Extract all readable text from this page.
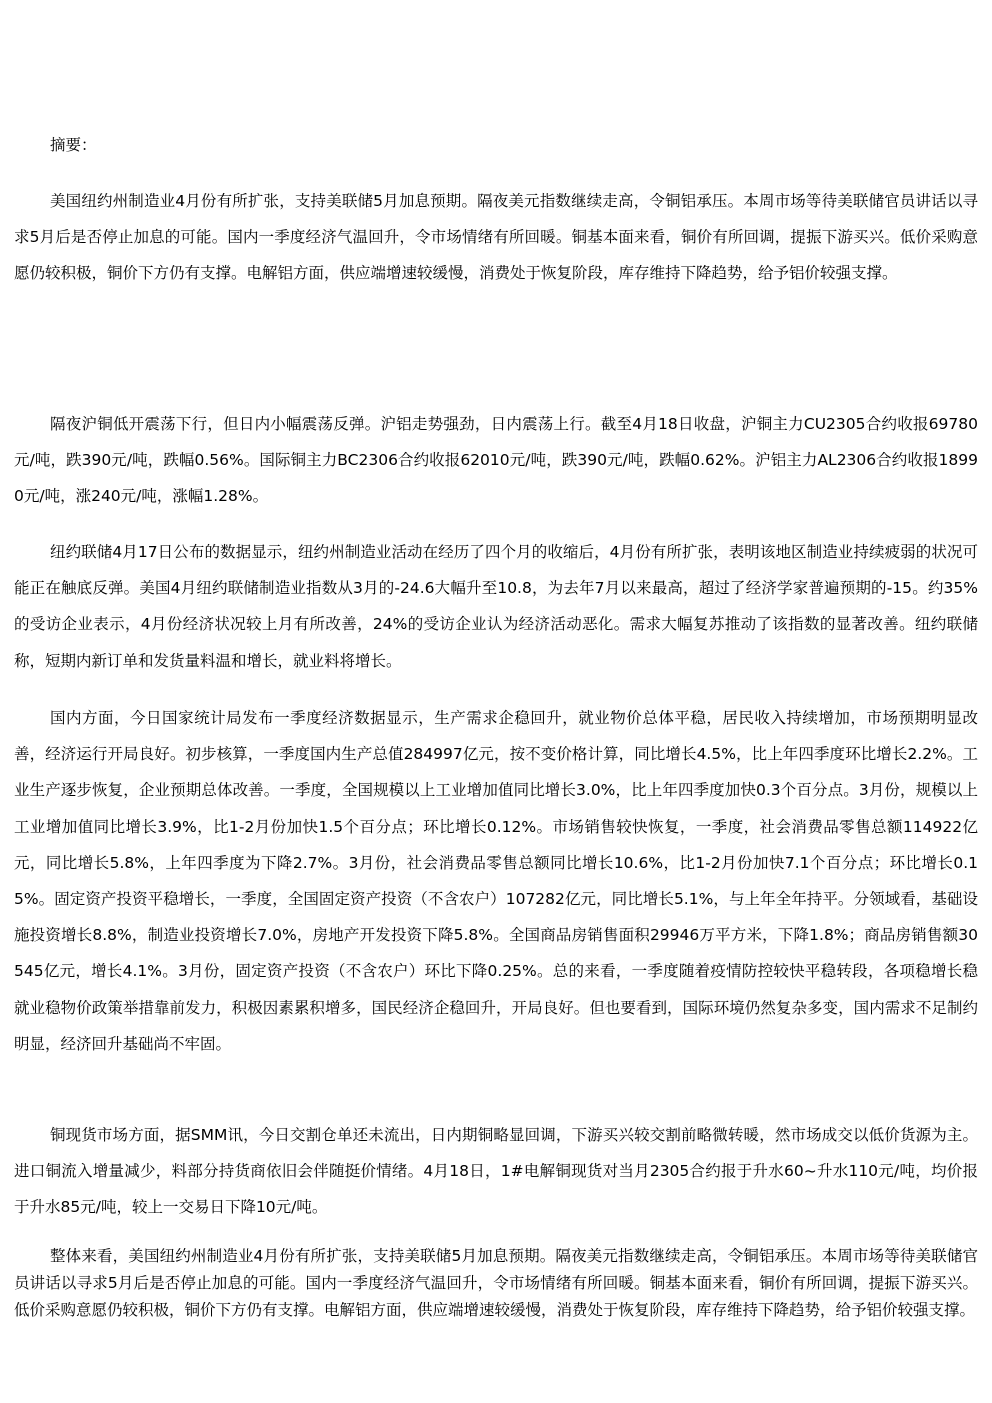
摘要：

美国纽约州制造业4月份有所扩张，支持美联储5月加息预期。隔夜美元指数继续走高，令铜铝承压。本周市场等待美联储官员讲话以寻求5月后是否停止加息的可能。国内一季度经济气温回升，令市场情绪有所回暖。铜基本面来看，铜价有所回调，提振下游买兴。低价采购意愿仍较积极，铜价下方仍有支撑。电解铝方面，供应端增速较缓慢，消费处于恢复阶段，库存维持下降趋势，给予铝价较强支撑。

隔夜沪铜低开震荡下行，但日内小幅震荡反弹。沪铝走势强劲，日内震荡上行。截至4月18日收盘，沪铜主力CU2305合约收报69780元/吨，跌390元/吨，跌幅0.56%。国际铜主力BC2306合约收报62010元/吨，跌390元/吨，跌幅0.62%。沪铝主力AL2306合约收报18990元/吨，涨240元/吨，涨幅1.28%。

纽约联储4月17日公布的数据显示，纽约州制造业活动在经历了四个月的收缩后，4月份有所扩张，表明该地区制造业持续疲弱的状况可能正在触底反弹。美国4月纽约联储制造业指数从3月的-24.6大幅升至10.8，为去年7月以来最高，超过了经济学家普遍预期的-15。约35%的受访企业表示，4月份经济状况较上月有所改善，24%的受访企业认为经济活动恶化。需求大幅复苏推动了该指数的显著改善。纽约联储称，短期内新订单和发货量料温和增长，就业料将增长。

国内方面，今日国家统计局发布一季度经济数据显示，生产需求企稳回升，就业物价总体平稳，居民收入持续增加，市场预期明显改善，经济运行开局良好。初步核算，一季度国内生产总值284997亿元，按不变价格计算，同比增长4.5%，比上年四季度环比增长2.2%。工业生产逐步恢复，企业预期总体改善。一季度，全国规模以上工业增加值同比增长3.0%，比上年四季度加快0.3个百分点。3月份，规模以上工业增加值同比增长3.9%，比1-2月份加快1.5个百分点；环比增长0.12%。市场销售较快恢复，一季度，社会消费品零售总额114922亿元，同比增长5.8%，上年四季度为下降2.7%。3月份，社会消费品零售总额同比增长10.6%，比1-2月份加快7.1个百分点；环比增长0.15%。固定资产投资平稳增长，一季度，全国固定资产投资（不含农户）107282亿元，同比增长5.1%，与上年全年持平。分领域看，基础设施投资增长8.8%，制造业投资增长7.0%，房地产开发投资下降5.8%。全国商品房销售面积29946万平方米，下降1.8%；商品房销售额30545亿元，增长4.1%。3月份，固定资产投资（不含农户）环比下降0.25%。总的来看，一季度随着疫情防控较快平稳转段，各项稳增长稳就业稳物价政策举措靠前发力，积极因素累积增多，国民经济企稳回升，开局良好。但也要看到，国际环境仍然复杂多变，国内需求不足制约明显，经济回升基础尚不牢固。

铜现货市场方面，据SMM讯，今日交割仓单还未流出，日内期铜略显回调，下游买兴较交割前略微转暖，然市场成交以低价货源为主。进口铜流入增量减少，料部分持货商依旧会伴随挺价情绪。4月18日，1#电解铜现货对当月2305合约报于升水60~升水110元/吨，均价报于升水85元/吨，较上一交易日下降10元/吨。

整体来看，美国纽约州制造业4月份有所扩张，支持美联储5月加息预期。隔夜美元指数继续走高，令铜铝承压。本周市场等待美联储官员讲话以寻求5月后是否停止加息的可能。国内一季度经济气温回升，令市场情绪有所回暖。铜基本面来看，铜价有所回调，提振下游买兴。低价采购意愿仍较积极，铜价下方仍有支撑。电解铝方面，供应端增速较缓慢，消费处于恢复阶段，库存维持下降趋势，给予铝价较强支撑。
